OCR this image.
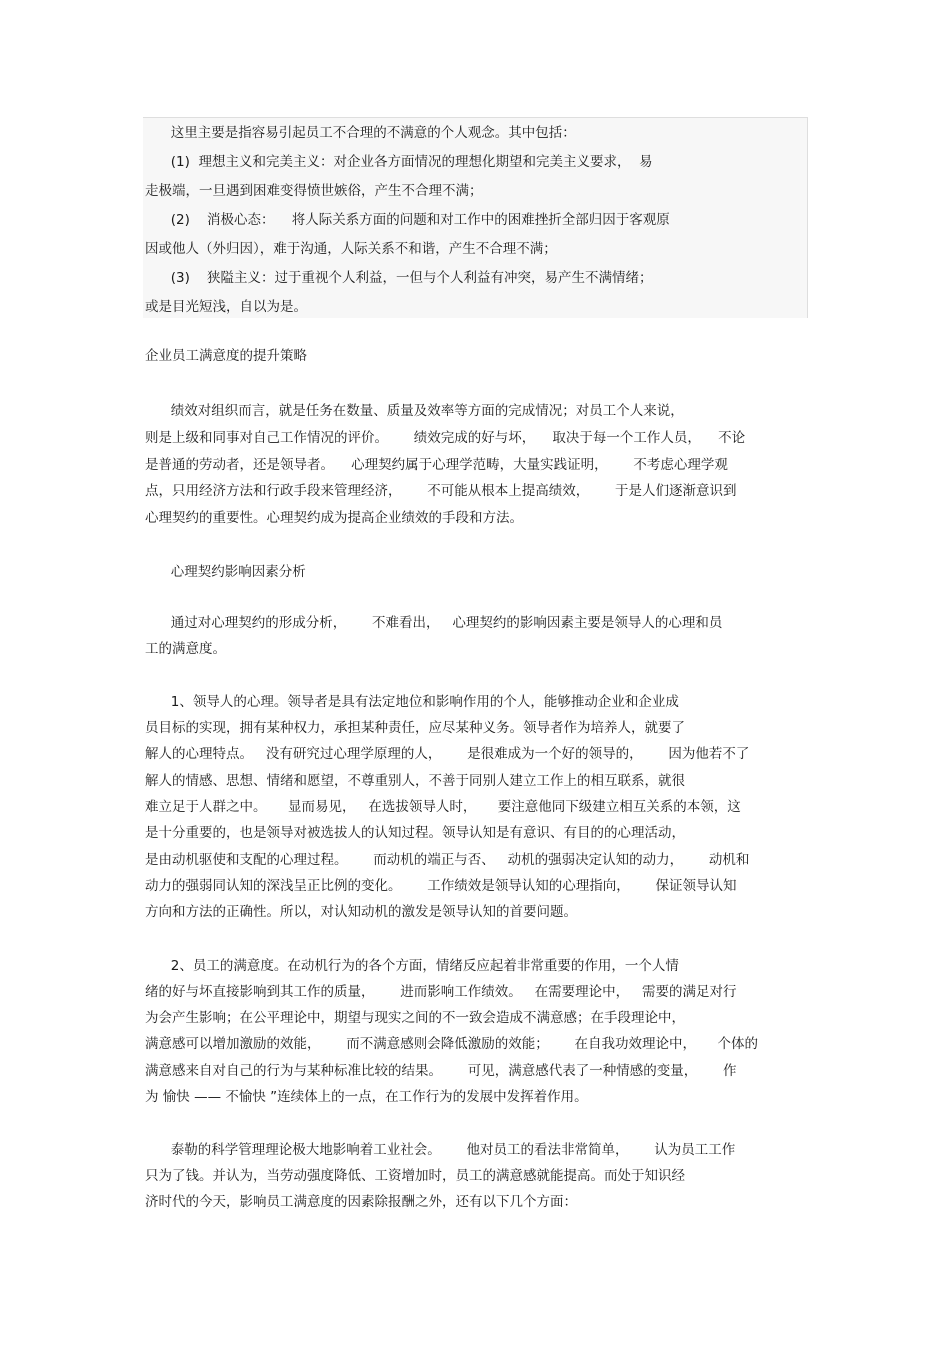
这里主要是指容易引起员工不合理的不满意的个人观念。其中包括：
(1)  理想主义和完美主义：对企业各方面情况的理想化期望和完美主义要求，  易
走极端，一旦遇到困难变得愤世嫉俗，产生不合理不满；
(2)    消极心态：    将人际关系方面的问题和对工作中的困难挫折全部归因于客观原
因或他人（外归因），难于沟通，人际关系不和谐，产生不合理不满；
(3)    狭隘主义：过于重视个人利益，一但与个人利益有冲突，易产生不满情绪；
或是目光短浅，自以为是。
企业员工满意度的提升策略
绩效对组织而言，就是任务在数量、质量及效率等方面的完成情况；对员工个人来说，
则是上级和同事对自己工作情况的评价。      绩效完成的好与坏，    取决于每一个工作人员，    不论
是普通的劳动者，还是领导者。    心理契约属于心理学范畴，大量实践证明，      不考虑心理学观
点，只用经济方法和行政手段来管理经济，      不可能从根本上提高绩效，      于是人们逐渐意识到
心理契约的重要性。心理契约成为提高企业绩效的手段和方法。
心理契约影响因素分析
通过对心理契约的形成分析，      不难看出，   心理契约的影响因素主要是领导人的心理和员
工的满意度。
1、领导人的心理。领导者是具有法定地位和影响作用的个人，能够推动企业和企业成
员目标的实现，拥有某种权力，承担某种责任，应尽某种义务。领导者作为培养人，就要了
解人的心理特点。   没有研究过心理学原理的人，      是很难成为一个好的领导的，      因为他若不了
解人的情感、思想、情绪和愿望，不尊重别人，不善于同别人建立工作上的相互联系，就很
难立足于人群之中。     显而易见，   在选拔领导人时，     要注意他同下级建立相互关系的本领，这
是十分重要的，也是领导对被选拔人的认知过程。领导认知是有意识、有目的的心理活动，
是由动机驱使和支配的心理过程。      而动机的端正与否、   动机的强弱决定认知的动力，      动机和
动力的强弱同认知的深浅呈正比例的变化。      工作绩效是领导认知的心理指向，      保证领导认知
方向和方法的正确性。所以，对认知动机的激发是领导认知的首要问题。
2、员工的满意度。在动机行为的各个方面，情绪反应起着非常重要的作用，一个人情
绪的好与坏直接影响到其工作的质量，      进而影响工作绩效。   在需要理论中，   需要的满足对行
为会产生影响；在公平理论中，期望与现实之间的不一致会造成不满意感；在手段理论中，
满意感可以增加激励的效能，      而不满意感则会降低激励的效能；      在自我功效理论中，     个体的
满意感来自对自己的行为与某种标准比较的结果。      可见，满意感代表了一种情感的变量，      作
为 愉快 —— 不愉快 ”连续体上的一点，在工作行为的发展中发挥着作用。
泰勒的科学管理理论极大地影响着工业社会。      他对员工的看法非常简单，      认为员工工作
只为了钱。并认为，当劳动强度降低、工资增加时，员工的满意感就能提高。而处于知识经
济时代的今天，影响员工满意度的因素除报酬之外，还有以下几个方面：
